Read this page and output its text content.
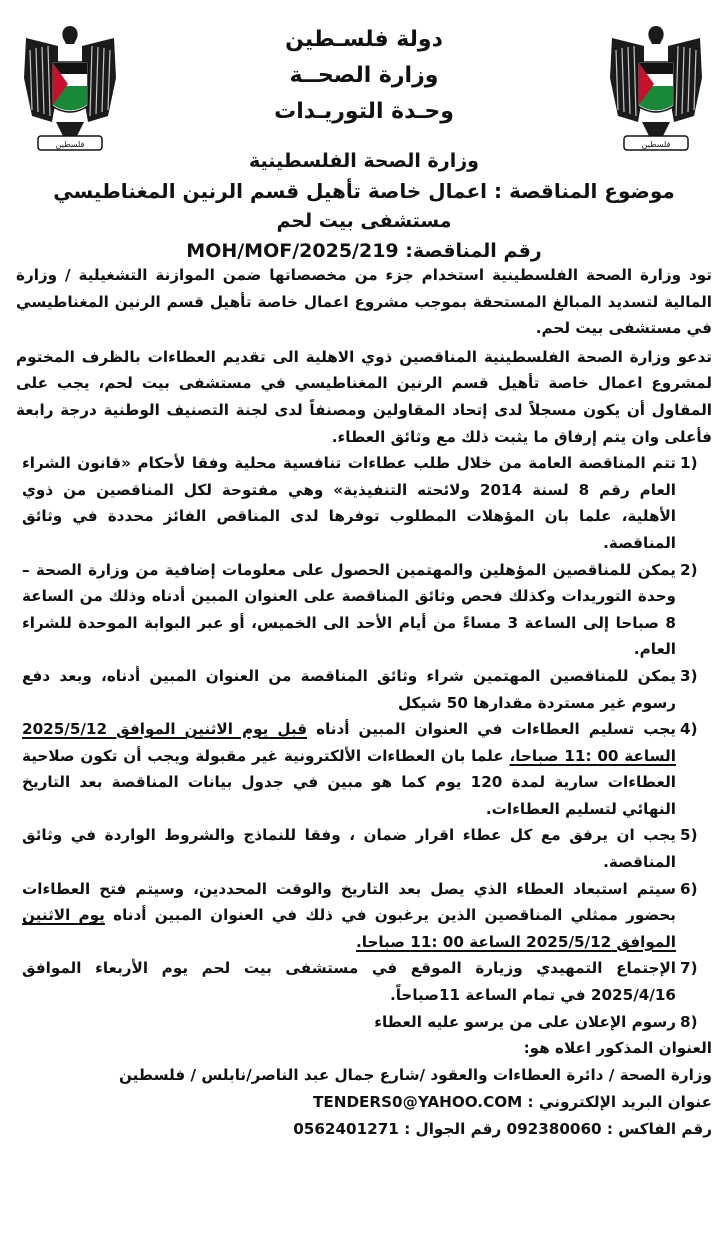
فلسطين	فلسطين
دولة فلسـطين
وزارة الصحــة
وحـدة التوريـدات
وزارة الصحة الفلسطينية
موضوع المناقصة : اعمال خاصة تأهيل قسم الرنين المغناطيسي
مستشفى بيت لحم
رقم المناقصة: MOH/MOF/2025/219

تود وزارة الصحة الفلسطينية استخدام جزء من مخصصاتها ضمن الموازنة التشغيلية / وزارة المالية لتسديد المبالغ المستحقة بموجب مشروع اعمال خاصة تأهيل قسم الرنين المغناطيسي في مستشفى بيت لحم.

تدعو وزارة الصحة الفلسطينية المناقصين ذوي الاهلية الى تقديم العطاءات بالظرف المختوم لمشروع اعمال خاصة تأهيل قسم الرنين المغناطيسي في مستشفى بيت لحم، يجب على المقاول أن يكون مسجلاً لدى إتحاد المقاولين ومصنفاً لدى لجنة التصنيف الوطنية درجة رابعة فأعلى وان يتم إرفاق ما يثبت ذلك مع وثائق العطاء.

1)
تتم المناقصة العامة من خلال طلب عطاءات تنافسية محلية وفقا لأحكام «قانون الشراء العام رقم 8 لسنة 2014 ولائحته التنفيذية» وهي مفتوحة لكل المناقصين من ذوي الأهلية، علما بان المؤهلات المطلوب توفرها لدى المناقص الفائز محددة في وثائق المناقصة.
2)
يمكن للمناقصين المؤهلين والمهتمين الحصول على معلومات إضافية من وزارة الصحة – وحدة التوريدات وكذلك فحص وثائق المناقصة على العنوان المبين أدناه وذلك من الساعة 8 صباحا إلى الساعة 3 مساءً من أيام الأحد الى الخميس، أو عبر البوابة الموحدة للشراء العام.
3)
يمكن للمناقصين المهتمين شراء وثائق المناقصة من العنوان المبين أدناه، وبعد دفع رسوم غير مستردة مقدارها 50 شيكل
4)
يجب تسليم العطاءات في العنوان المبين أدناه قبل يوم الاثنين الموافق 2025/5/12 الساعة 00 :11 صباحا، علما بان العطاءات الألكترونية غير مقبولة ويجب أن تكون صلاحية العطاءات سارية لمدة 120 يوم كما هو مبين في جدول بيانات المناقصة بعد التاريخ النهائي لتسليم العطاءات.
5)
يجب ان يرفق مع كل عطاء اقرار ضمان ، وفقا للنماذج والشروط الواردة في وثائق المناقصة.
6)
سيتم استبعاد العطاء الذي يصل بعد التاريخ والوقت المحددين، وسيتم فتح العطاءات بحضور ممثلي المناقصين الذين يرغبون في ذلك في العنوان المبين أدناه يوم الاثنين الموافق 2025/5/12 الساعة 00 :11 صباحا.
7)
الإجتماع التمهيدي وزيارة الموقع في مستشفى بيت لحم يوم الأربعاء الموافق 2025/4/16 في تمام الساعة 11صباحاً.
8)
رسوم الإعلان على من يرسو عليه العطاء
العنوان المذكور اعلاه هو:
وزارة الصحة / دائرة العطاءات والعقود /شارع جمال عبد الناصر/نابلس / فلسطين
عنوان البريد الإلكتروني : TENDERS0@YAHOO.COM
رقم الفاكس : 092380060 رقم الجوال : 0562401271
